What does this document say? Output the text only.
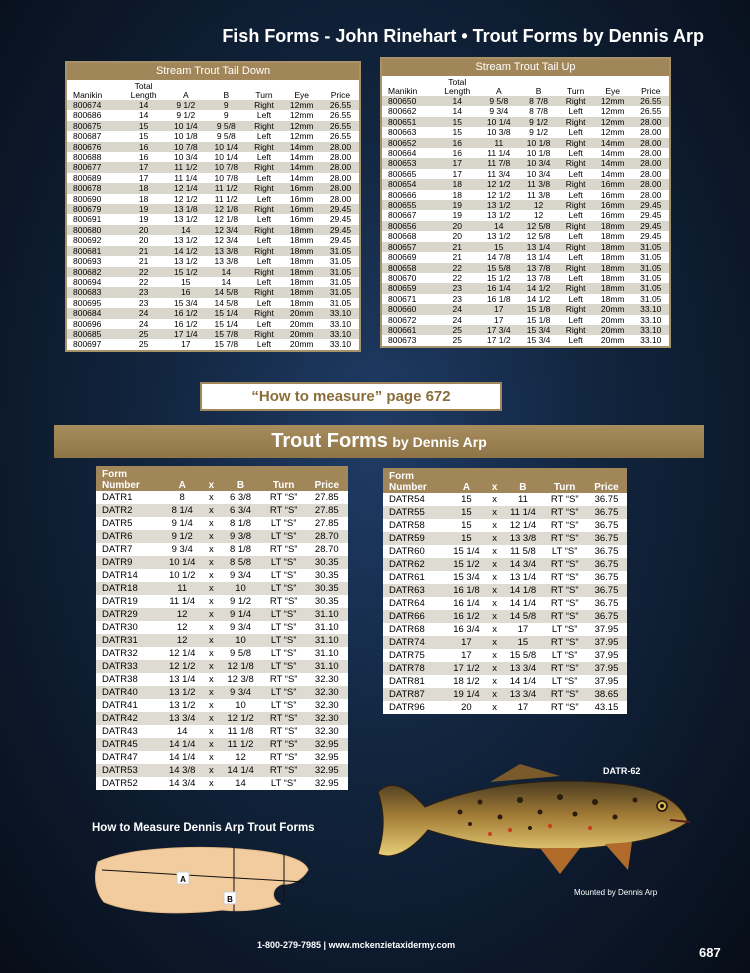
Fish Forms - John Rinehart • Trout Forms by Dennis Arp
Stream Trout Tail Down
Manikin	Total
Length	A	B	Turn	Eye	Price
800674	14	9 1/2	9	Right	12mm	26.55
800686	14	9 1/2	9	Left	12mm	26.55
800675	15	10 1/4	9 5/8	Right	12mm	26.55
800687	15	10 1/8	9 5/8	Left	12mm	26.55
800676	16	10 7/8	10 1/4	Right	14mm	28.00
800688	16	10 3/4	10 1/4	Left	14mm	28.00
800677	17	11 1/2	10 7/8	Right	14mm	28.00
800689	17	11 1/4	10 7/8	Left	14mm	28.00
800678	18	12 1/4	11 1/2	Right	16mm	28.00
800690	18	12 1/2	11 1/2	Left	16mm	28.00
800679	19	13 1/8	12 1/8	Right	16mm	29.45
800691	19	13 1/2	12 1/8	Left	16mm	29.45
800680	20	14	12 3/4	Right	18mm	29.45
800692	20	13 1/2	12 3/4	Left	18mm	29.45
800681	21	14 1/2	13 3/8	Right	18mm	31.05
800693	21	13 1/2	13 3/8	Left	18mm	31.05
800682	22	15 1/2	14	Right	18mm	31.05
800694	22	15	14	Left	18mm	31.05
800683	23	16	14 5/8	Right	18mm	31.05
800695	23	15 3/4	14 5/8	Left	18mm	31.05
800684	24	16 1/2	15 1/4	Right	20mm	33.10
800696	24	16 1/2	15 1/4	Left	20mm	33.10
800685	25	17 1/4	15 7/8	Right	20mm	33.10
800697	25	17	15 7/8	Left	20mm	33.10
Stream Trout Tail Up
Manikin	Total
Length	A	B	Turn	Eye	Price
800650	14	9 5/8	8 7/8	Right	12mm	26.55
800662	14	9 3/4	8 7/8	Left	12mm	26.55
800651	15	10 1/4	9 1/2	Right	12mm	28.00
800663	15	10 3/8	9 1/2	Left	12mm	28.00
800652	16	11	10 1/8	Right	14mm	28.00
800664	16	11 1/4	10 1/8	Left	14mm	28.00
800653	17	11 7/8	10 3/4	Right	14mm	28.00
800665	17	11 3/4	10 3/4	Left	14mm	28.00
800654	18	12 1/2	11 3/8	Right	16mm	28.00
800666	18	12 1/2	11 3/8	Left	16mm	28.00
800655	19	13 1/2	12	Right	16mm	29.45
800667	19	13 1/2	12	Left	16mm	29.45
800656	20	14	12 5/8	Right	18mm	29.45
800668	20	13 1/2	12 5/8	Left	18mm	29.45
800657	21	15	13 1/4	Right	18mm	31.05
800669	21	14 7/8	13 1/4	Left	18mm	31.05
800658	22	15 5/8	13 7/8	Right	18mm	31.05
800670	22	15 1/2	13 7/8	Left	18mm	31.05
800659	23	16 1/4	14 1/2	Right	18mm	31.05
800671	23	16 1/8	14 1/2	Left	18mm	31.05
800660	24	17	15 1/8	Right	20mm	33.10
800672	24	17	15 1/8	Left	20mm	33.10
800661	25	17 3/4	15 3/4	Right	20mm	33.10
800673	25	17 1/2	15 3/4	Left	20mm	33.10
“How to measure” page 672
Trout Forms by Dennis Arp
Form
Number	A	x	B	Turn	Price
DATR1	8	x	6 3/8	RT “S”	27.85
DATR2	8 1/4	x	6 3/4	RT “S”	27.85
DATR5	9 1/4	x	8 1/8	LT “S”	27.85
DATR6	9 1/2	x	9 3/8	LT “S”	28.70
DATR7	9 3/4	x	8 1/8	RT “S”	28.70
DATR9	10 1/4	x	8 5/8	LT “S”	30.35
DATR14	10 1/2	x	9 3/4	LT “S”	30.35
DATR18	11	x	10	LT “S”	30.35
DATR19	11 1/4	x	9 1/2	RT “S”	30.35
DATR29	12	x	9 1/4	LT “S”	31.10
DATR30	12	x	9 3/4	LT “S”	31.10
DATR31	12	x	10	LT “S”	31.10
DATR32	12 1/4	x	9 5/8	LT “S”	31.10
DATR33	12 1/2	x	12 1/8	LT “S”	31.10
DATR38	13 1/4	x	12 3/8	RT “S”	32.30
DATR40	13 1/2	x	9 3/4	LT “S”	32.30
DATR41	13 1/2	x	10	LT “S”	32.30
DATR42	13 3/4	x	12 1/2	RT “S”	32.30
DATR43	14	x	11 1/8	RT “S”	32.30
DATR45	14 1/4	x	11 1/2	RT “S”	32.95
DATR47	14 1/4	x	12	RT “S”	32.95
DATR53	14 3/8	x	14 1/4	RT “S”	32.95
DATR52	14 3/4	x	14	LT “S”	32.95
Form
Number	A	x	B	Turn	Price
DATR54	15	x	11	RT “S”	36.75
DATR55	15	x	11 1/4	RT “S”	36.75
DATR58	15	x	12 1/4	RT “S”	36.75
DATR59	15	x	13 3/8	RT “S”	36.75
DATR60	15 1/4	x	11 5/8	LT “S”	36.75
DATR62	15 1/2	x	14 3/4	RT “S”	36.75
DATR61	15 3/4	x	13 1/4	RT “S”	36.75
DATR63	16 1/8	x	14 1/8	RT “S”	36.75
DATR64	16 1/4	x	14 1/4	RT “S”	36.75
DATR66	16 1/2	x	14 5/8	RT “S”	36.75
DATR68	16 3/4	x	17	LT “S”	37.95
DATR74	17	x	15	RT “S”	37.95
DATR75	17	x	15 5/8	LT “S”	37.95
DATR78	17 1/2	x	13 3/4	RT “S”	37.95
DATR81	18 1/2	x	14 1/4	LT “S”	37.95
DATR87	19 1/4	x	13 3/4	RT “S”	38.65
DATR96	20	x	17	RT “S”	43.15
DATR-62
Mounted by Dennis Arp
How to Measure Dennis Arp Trout Forms
A
B
1-800-279-7985 | www.mckenzietaxidermy.com	687
